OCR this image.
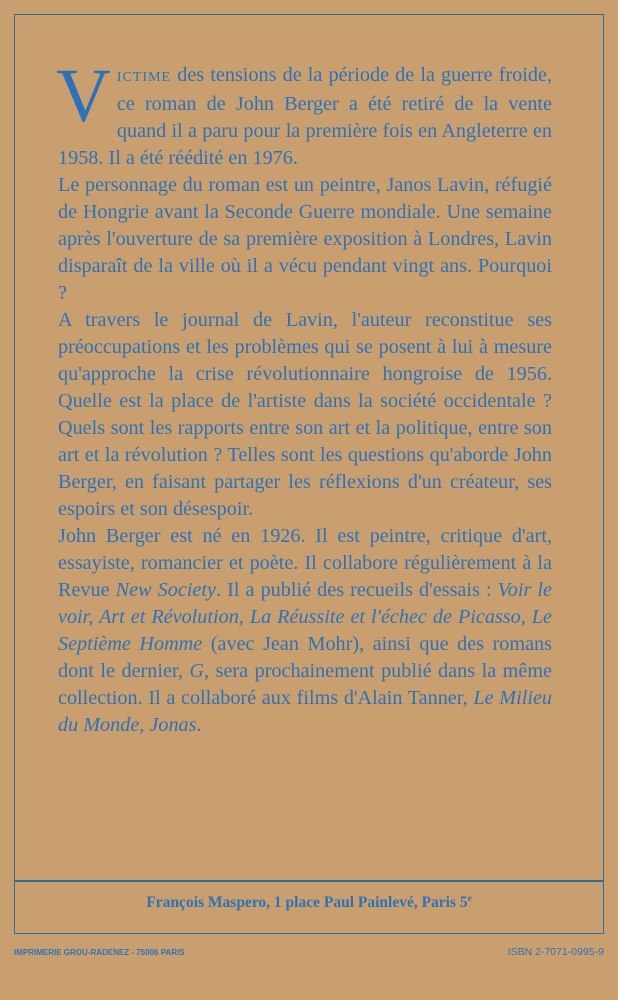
VICTIME des tensions de la période de la guerre froide, ce roman de John Berger a été retiré de la vente quand il a paru pour la première fois en Angleterre en 1958. Il a été réédité en 1976.

Le personnage du roman est un peintre, Janos Lavin, réfugié de Hongrie avant la Seconde Guerre mondiale. Une semaine après l'ouverture de sa première exposition à Londres, Lavin disparaît de la ville où il a vécu pendant vingt ans. Pourquoi ?

A travers le journal de Lavin, l'auteur reconstitue ses préoccupations et les problèmes qui se posent à lui à mesure qu'approche la crise révolutionnaire hongroise de 1956. Quelle est la place de l'artiste dans la société occidentale ? Quels sont les rapports entre son art et la politique, entre son art et la révolution ? Telles sont les questions qu'aborde John Berger, en faisant partager les réflexions d'un créateur, ses espoirs et son désespoir.

John Berger est né en 1926. Il est peintre, critique d'art, essayiste, romancier et poète. Il collabore régulièrement à la Revue New Society. Il a publié des recueils d'essais : Voir le voir, Art et Révolution, La Réussite et l'échec de Picasso, Le Septième Homme (avec Jean Mohr), ainsi que des romans dont le dernier, G, sera prochainement publié dans la même collection. Il a collaboré aux films d'Alain Tanner, Le Milieu du Monde, Jonas.

François Maspero, 1 place Paul Painlevé, Paris 5e
IMPRIMERIE GROU-RADENEZ - 75006 PARIS	ISBN 2-7071-0995-9
